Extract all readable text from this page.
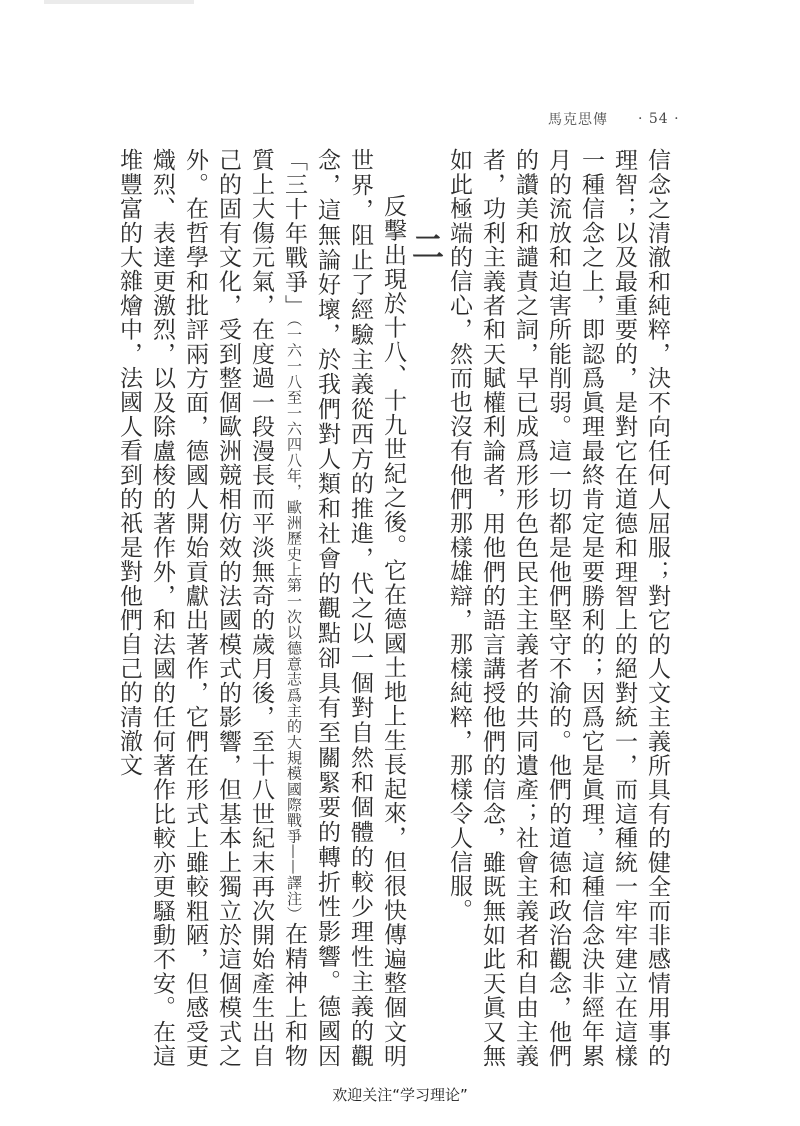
馬克思傳 · 54 ·

信念之清澈和純粹，決不向任何人屈服；對它的人文主義所具有的健全而非感情用事的理智；以及最重要的，是對它在道德和理智上的絕對統一，而這種統一牢牢建立在這樣一種信念之上，即認爲眞理最終肯定是要勝利的；因爲它是眞理，這種信念決非經年累月的流放和迫害所能削弱。這一切都是他們堅守不渝的。他們的道德和政治觀念，他們的讚美和譴責之詞，早已成爲形形色色民主主義者的共同遺產；社會主義者和自由主義者，功利主義者和天賦權利論者，用他們的語言講授他們的信念，雖既無如此天眞又無如此極端的信心，然而也沒有他們那樣雄辯，那樣純粹，那樣令人信服。

二

反擊出現於十八、十九世紀之後。它在德國土地上生長起來，但很快傳遍整個文明世界，阻止了經驗主義從西方的推進，代之以一個對自然和個體的較少理性主義的觀念，這無論好壞，於我們對人類和社會的觀點卻具有至關緊要的轉折性影響。德國因「三十年戰爭」（一六一八至一六四八年，歐洲歷史上第一次以德意志爲主的大規模國際戰爭——譯注）在精神上和物質上大傷元氣，在度過一段漫長而平淡無奇的歲月後，至十八世紀末再次開始產生出自己的固有文化，受到整個歐洲競相仿效的法國模式的影響，但基本上獨立於這個模式之外。在哲學和批評兩方面，德國人開始貢獻出著作，它們在形式上雖較粗陋，但感受更熾烈、表達更激烈，以及除盧梭的著作外，和法國的任何著作比較亦更騷動不安。在這堆豐富的大雜燴中，法國人看到的祇是對他們自己的清澈文

欢迎关注“学习理论”
